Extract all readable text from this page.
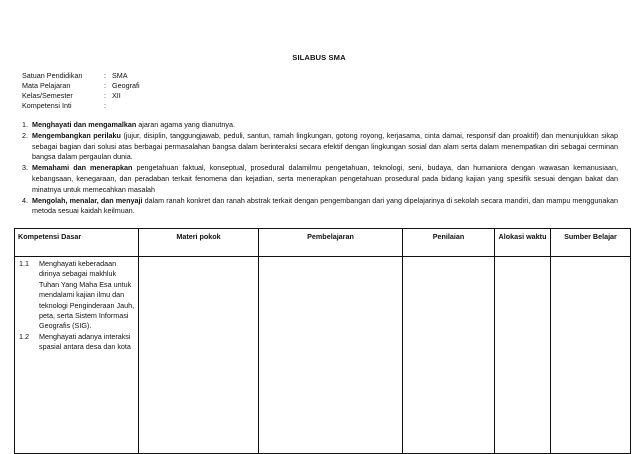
SILABUS SMA
Satuan Pendidikan	: SMA
Mata Pelajaran	: Geografi
Kelas/Semester	: XII
Kompetensi Inti	:
1. Menghayati dan mengamalkan ajaran agama yang dianutnya.
2. Mengembangkan perilaku (jujur, disiplin, tanggungjawab, peduli, santun, ramah lingkungan, gotong royong, kerjasama, cinta damai, responsif dan proaktif) dan menunjukkan sikap sebagai bagian dari solusi atas berbagai permasalahan bangsa dalam berinteraksi secara efektif dengan lingkungan sosial dan alam serta dalam menempatkan diri sebagai cerminan bangsa dalam pergaulan dunia.
3. Memahami dan menerapkan pengetahuan faktual, konseptual, prosedural dalamilmu pengetahuan, teknologi, seni, budaya, dan humaniora dengan wawasan kemanusiaan, kebangsaan, kenegaraan, dan peradaban terkait fenomena dan kejadian, serta menerapkan pengetahuan prosedural pada bidang kajian yang spesifik sesuai dengan bakat dan minatnya untuk memecahkan masalah
4. Mengolah, menalar, dan menyaji dalam ranah konkret dan ranah abstrak terkait dengan pengembangan dari yang dipelajarinya di sekolah secara mandiri, dan mampu menggunakan metoda sesuai kaidah keilmuan.
Kompetensi Dasar	Materi pokok	Pembelajaran	Penilaian	Alokasi waktu	Sumber Belajar

1.1 Menghayati keberadaan dirinya sebagai makhluk Tuhan Yang Maha Esa untuk mendalami kajian ilmu dan teknologi Penginderaan Jauh, peta, serta Sistem Informasi Geografis (SIG).
1.2 Menghayati adanya interaksi spasial antara desa dan kota					
